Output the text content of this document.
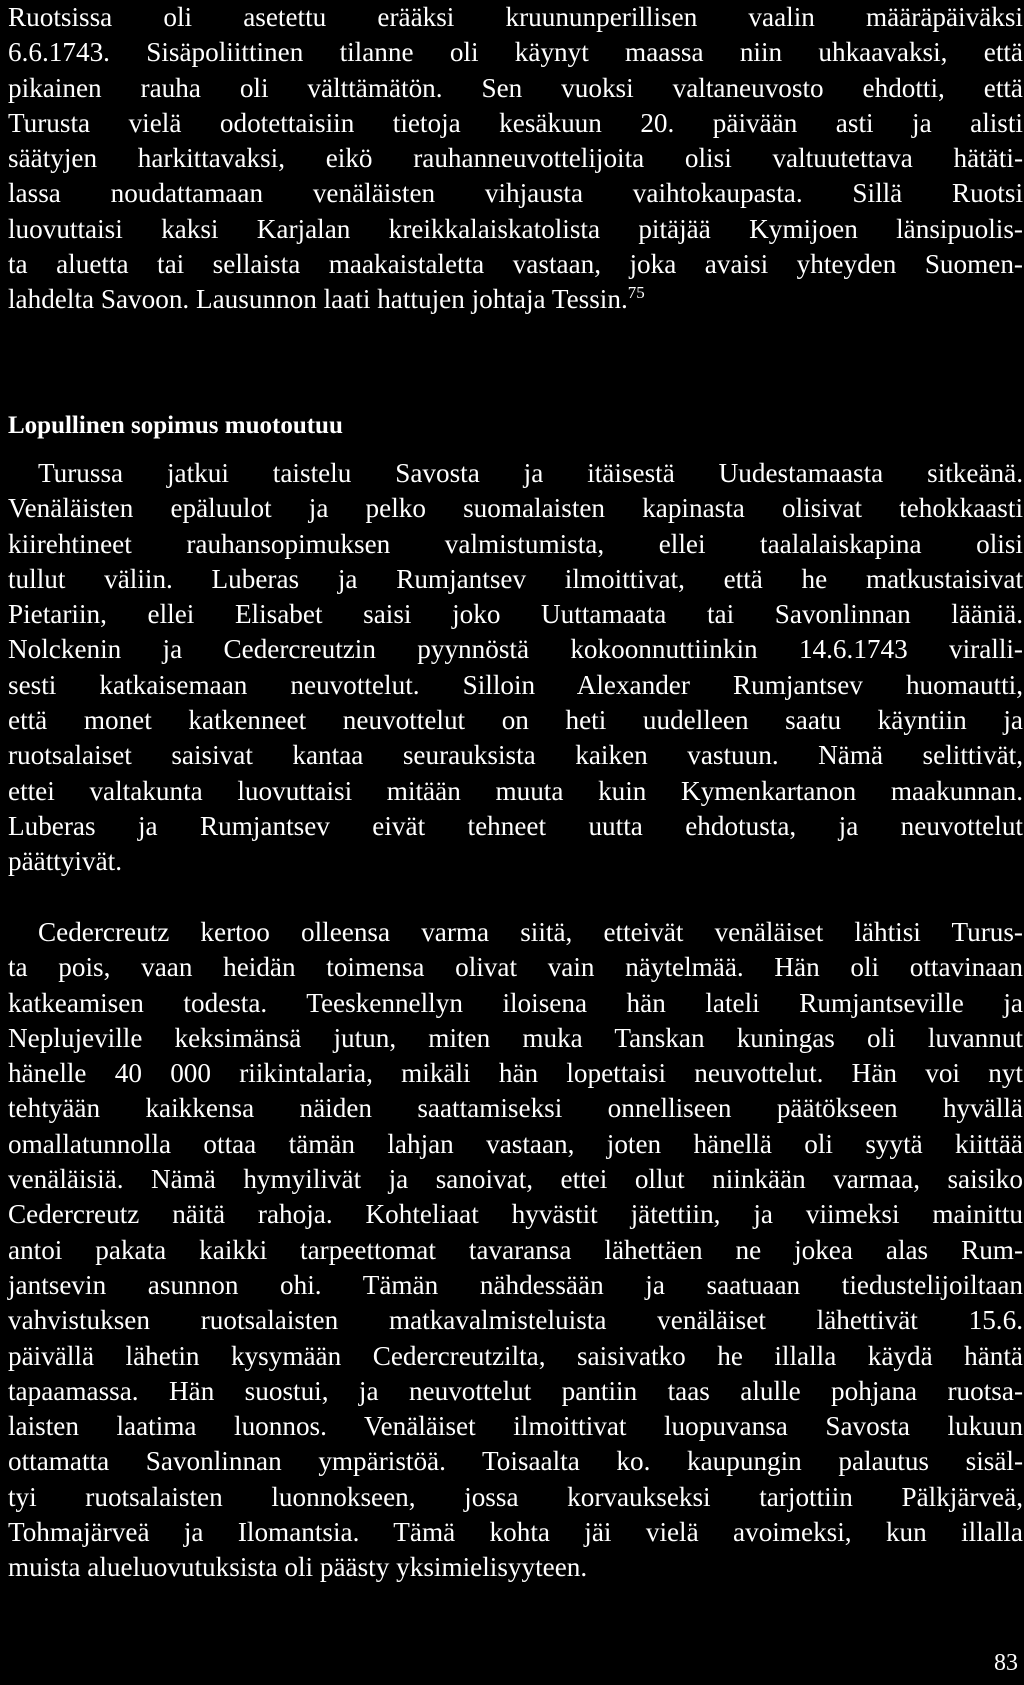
Ruotsissa oli asetettu erääksi kruununperillisen vaalin määräpäiväksi
6.6.1743. Sisäpoliittinen tilanne oli käynyt maassa niin uhkaavaksi, että
pikainen rauha oli välttämätön. Sen vuoksi valtaneuvosto ehdotti, että
Turusta vielä odotettaisiin tietoja kesäkuun 20. päivään asti ja alisti
säätyjen harkittavaksi, eikö rauhanneuvottelijoita olisi valtuutettava hätäti-
lassa noudattamaan venäläisten vihjausta vaihtokaupasta. Sillä Ruotsi
luovuttaisi kaksi Karjalan kreikkalaiskatolista pitäjää Kymijoen länsipuolis-
ta aluetta tai sellaista maakaistaletta vastaan, joka avaisi yhteyden Suomen-
lahdelta Savoon. Lausunnon laati hattujen johtaja Tessin.$^{75}$
Lopullinen sopimus muotoutuu
Turussa jatkui taistelu Savosta ja itäisestä Uudestamaasta sitkeänä.
Venäläisten epäluulot ja pelko suomalaisten kapinasta olisivat tehokkaasti
kiirehtineet rauhansopimuksen valmistumista, ellei taalalaiskapina olisi
tullut väliin. Luberas ja Rumjantsev ilmoittivat, että he matkustaisivat
Pietariin, ellei Elisabet saisi joko Uuttamaata tai Savonlinnan lääniä.
Nolckenin ja Cedercreutzin pyynnöstä kokoonnuttiinkin 14.6.1743 viralli-
sesti katkaisemaan neuvottelut. Silloin Alexander Rumjantsev huomautti,
että monet katkenneet neuvottelut on heti uudelleen saatu käyntiin ja
ruotsalaiset saisivat kantaa seurauksista kaiken vastuun. Nämä selittivät,
ettei valtakunta luovuttaisi mitään muuta kuin Kymenkartanon maakunnan.
Luberas ja Rumjantsev eivät tehneet uutta ehdotusta, ja neuvottelut
päättyivät.
Cedercreutz kertoo olleensa varma siitä, etteivät venäläiset lähtisi Turus-
ta pois, vaan heidän toimensa olivat vain näytelmää. Hän oli ottavinaan
katkeamisen todesta. Teeskennellyn iloisena hän lateli Rumjantseville ja
Neplujeville keksimänsä jutun, miten muka Tanskan kuningas oli luvannut
hänelle 40 000 riikintalaria, mikäli hän lopettaisi neuvottelut. Hän voi nyt
tehtyään kaikkensa näiden saattamiseksi onnelliseen päätökseen hyvällä
omallatunnolla ottaa tämän lahjan vastaan, joten hänellä oli syytä kiittää
venäläisiä. Nämä hymyilivät ja sanoivat, ettei ollut niinkään varmaa, saisiko
Cedercreutz näitä rahoja. Kohteliaat hyvästit jätettiin, ja viimeksi mainittu
antoi pakata kaikki tarpeettomat tavaransa lähettäen ne jokea alas Rum-
jantsevin asunnon ohi. Tämän nähdessään ja saatuaan tiedustelijoiltaan
vahvistuksen ruotsalaisten matkavalmisteluista venäläiset lähettivät 15.6.
päivällä lähetin kysymään Cedercreutzilta, saisivatko he illalla käydä häntä
tapaamassa. Hän suostui, ja neuvottelut pantiin taas alulle pohjana ruotsa-
laisten laatima luonnos. Venäläiset ilmoittivat luopuvansa Savosta lukuun
ottamatta Savonlinnan ympäristöä. Toisaalta ko. kaupungin palautus sisäl-
tyi ruotsalaisten luonnokseen, jossa korvaukseksi tarjottiin Pälkjärveä,
Tohmajärveä ja Ilomantsia. Tämä kohta jäi vielä avoimeksi, kun illalla
muista alueluovutuksista oli päästy yksimielisyyteen.
83
